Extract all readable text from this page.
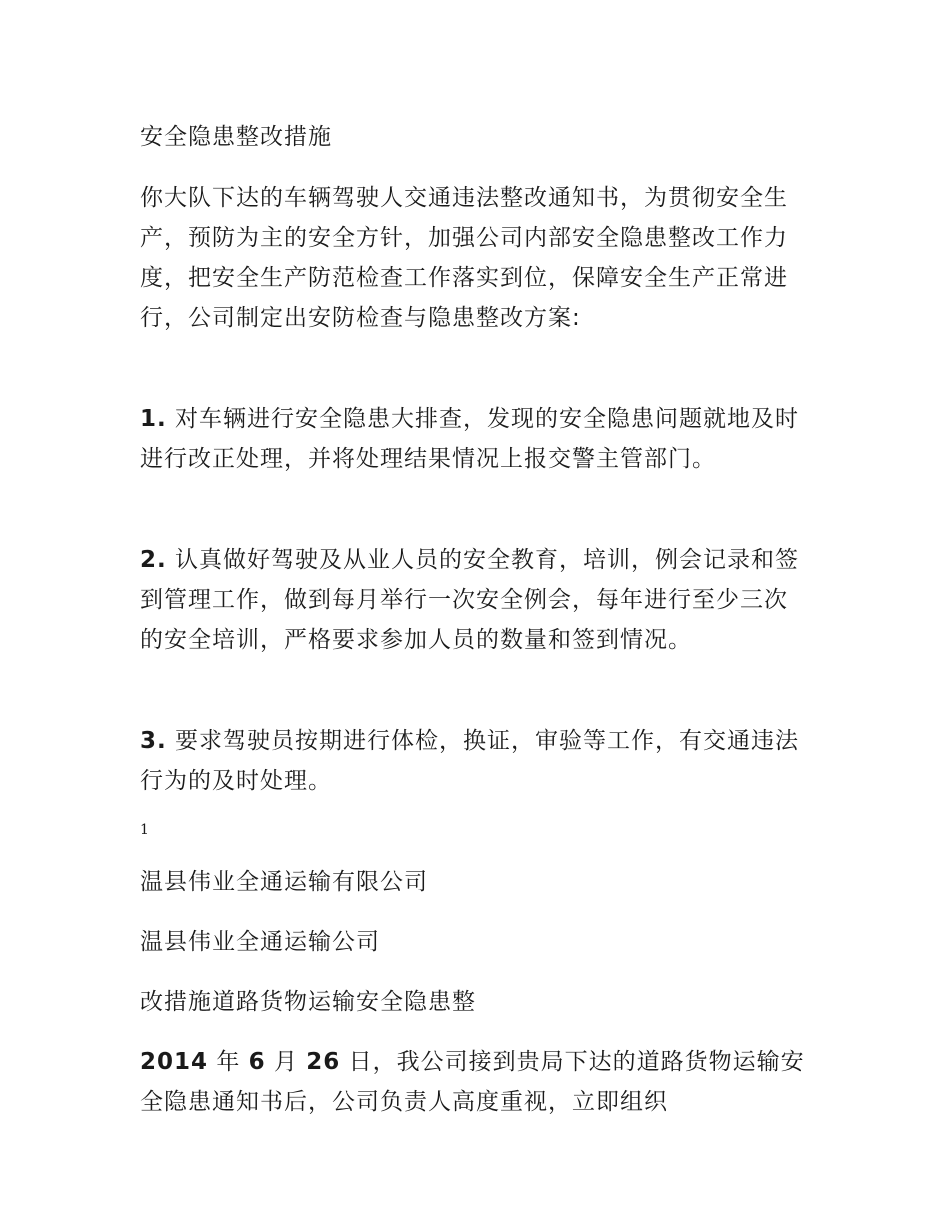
安全隐患整改措施

你大队下达的车辆驾驶人交通违法整改通知书，为贯彻安全生产，预防为主的安全方针，加强公司内部安全隐患整改工作力度，把安全生产防范检查工作落实到位，保障安全生产正常进行，公司制定出安防检查与隐患整改方案:

1. 对车辆进行安全隐患大排查，发现的安全隐患问题就地及时进行改正处理，并将处理结果情况上报交警主管部门。

2. 认真做好驾驶及从业人员的安全教育，培训，例会记录和签到管理工作，做到每月举行一次安全例会，每年进行至少三次的安全培训，严格要求参加人员的数量和签到情况。

3. 要求驾驶员按期进行体检，换证，审验等工作，有交通违法行为的及时处理。

1

温县伟业全通运输有限公司

温县伟业全通运输公司

改措施道路货物运输安全隐患整

2014 年 6 月 26 日，我公司接到贵局下达的道路货物运输安全隐患通知书后，公司负责人高度重视，立即组织
